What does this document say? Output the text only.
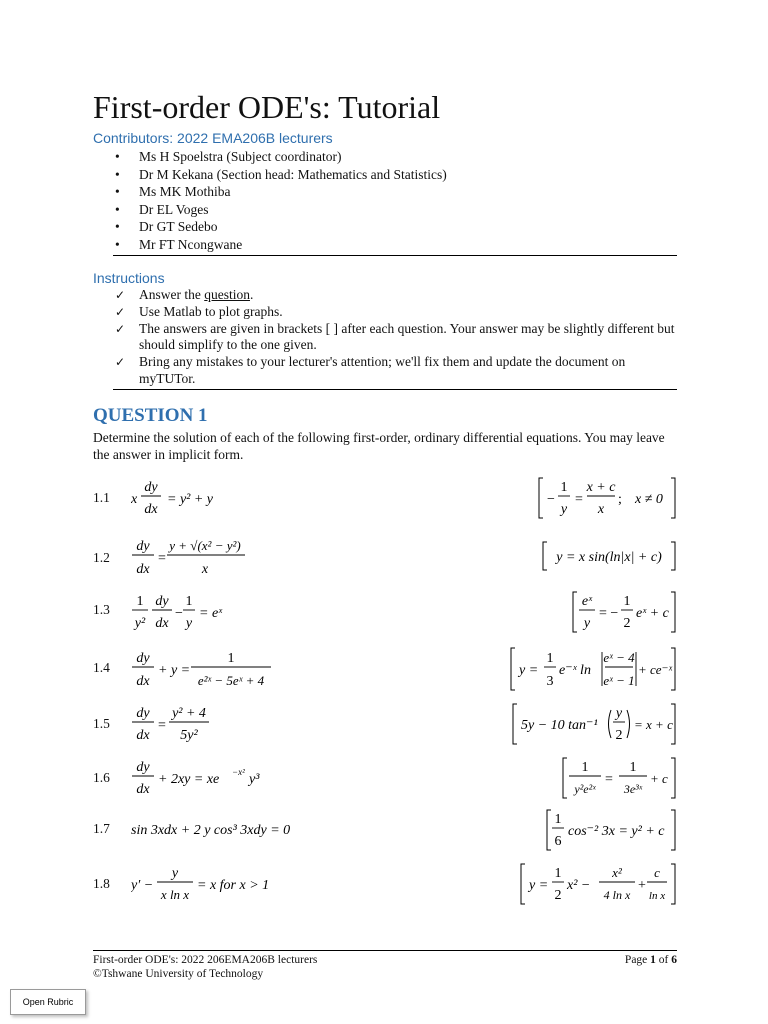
First-order ODE's: Tutorial
Contributors: 2022 EMA206B lecturers
• Ms H Spoelstra (Subject coordinator)
• Dr M Kekana (Section head: Mathematics and Statistics)
• Ms MK Mothiba
• Dr EL Voges
• Dr GT Sedebo
• Mr FT Ncongwane
Instructions
✓ Answer the question.
✓ Use Matlab to plot graphs.
✓ The answers are given in brackets [ ] after each question. Your answer may be slightly different but should simplify to the one given.
✓ Bring any mistakes to your lecturer's attention; we'll fix them and update the document on myTUTor.
QUESTION 1
Determine the solution of each of the following first-order, ordinary differential equations. You may leave the answer in implicit form.
1.1 x
dy
dx
= y² + y	−
1
y
=
x + c
x
; x ≠ 0
1.2
dy
dx
=
y + √(x² − y²)
x
y = x sin(ln|x| + c)
1.3
1
y²
dy
dx
−
1
y
= eˣ
eˣ
y
= −
1
2
eˣ + c
1.4
dy
dx
+ y =
1
e²ˣ − 5eˣ + 4
y =
1
3
e⁻ˣ ln
eˣ − 4
eˣ − 1
+ ce⁻ˣ
1.5
dy
dx
=
y² + 4
5y²
5y − 10 tan⁻¹
y
2
= x + c
1.6
dy
dx
+ 2xy = xe −x² y³
1
y²e²ˣ
=
1
3e³ˣ
+ c
1.7 sin 3xdx + 2 y cos³ 3xdy = 0
1
6
cos⁻² 3x = y² + c
1.8 y′ −
y
x ln x
= x for x > 1	y =
1
2
x² −
x²
4 ln x
+
c
ln x
First-order ODE's: 2022 206EMA206B lecturers
©Tshwane University of Technology
Page 1 of 6
Open Rubric
